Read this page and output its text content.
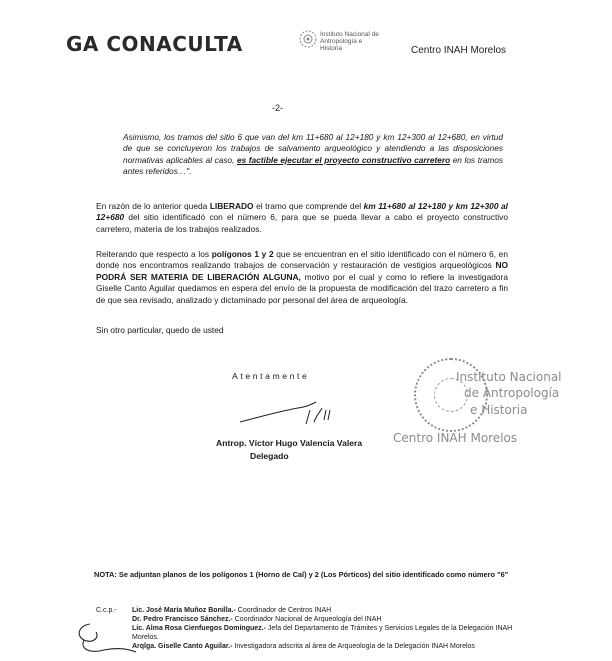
GA CONACULTA	Instituto Nacional de Antropología e Historia	Centro INAH Morelos
-2-

Asimismo, los tramos del sitio 6 que van del km 11+680 al 12+180 y km 12+300 al 12+680, en virtud de que se concluyeron los trabajos de salvamento arqueológico y atendiendo a las disposiciones normativas aplicables al caso, es factible ejecutar el proyecto constructivo carretero en los tramos antes referidos…".

En razón de lo anterior queda LIBERADO el tramo que comprende del km 11+680 al 12+180 y km 12+300 al 12+680 del sitio identificadó con el número 6, para que se pueda llevar a cabo el proyecto constructivo carretero, materia de los trabajos realizados.

Reiterando que respecto a los polígonos 1 y 2 que se encuentran en el sitio identificado con el número 6, en donde nos encontramos realizando trabajos de conservación y restauración de vestigios arqueológicos NO PODRÁ SER MATERIA DE LIBERACIÓN ALGUNA, motivo por el cual y como lo refiere la investigadora Giselle Canto Aguilar quedamos en espera del envío de la propuesta de modificación del trazo carretero a fin de que sea revisado, analizado y dictaminado por personal del área de arqueología.

Sin otro particular, quedo de usted
Atentamente
Antrop. Víctor Hugo Valencia Valera
Delegado
Instituto Nacional
de Antropología
e Historia
Centro INAH Morelos
NOTA: Se adjuntan planos de los polígonos 1 (Horno de Cal) y 2 (Los Pórticos) del sitio identificado como número "6"
C.c.p.- Lic. José María Muñoz Bonilla.- Coordinador de Centros INAH
Dr. Pedro Francisco Sánchez.- Coordinador Nacional de Arqueología del INAH
Lic. Alma Rosa Cienfuegos Domínguez.- Jefa del Departamento de Trámites y Servicios Legales de la Delegación INAH Morelos.
Arqlga. Giselle Canto Aguilar.- Investigadora adscrita al área de Arqueología de la Delegación INAH Morelos
